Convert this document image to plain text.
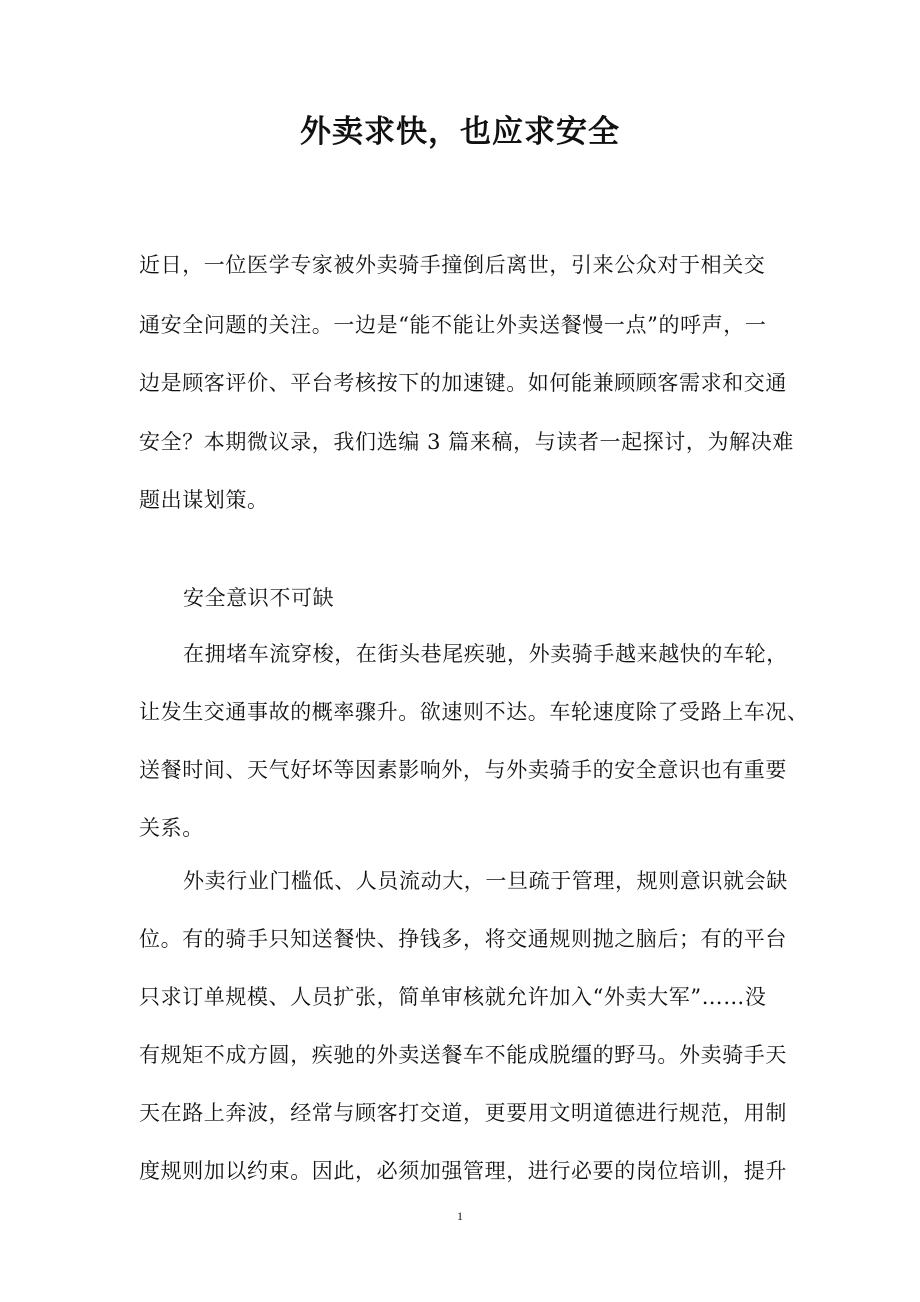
外卖求快，也应求安全
近日，一位医学专家被外卖骑手撞倒后离世，引来公众对于相关交
通安全问题的关注。一边是“能不能让外卖送餐慢一点”的呼声，一
边是顾客评价、平台考核按下的加速键。如何能兼顾顾客需求和交通
安全？本期微议录，我们选编 3 篇来稿，与读者一起探讨，为解决难
题出谋划策。
安全意识不可缺
在拥堵车流穿梭，在街头巷尾疾驰，外卖骑手越来越快的车轮，
让发生交通事故的概率骤升。欲速则不达。车轮速度除了受路上车况、
送餐时间、天气好坏等因素影响外，与外卖骑手的安全意识也有重要
关系。
外卖行业门槛低、人员流动大，一旦疏于管理，规则意识就会缺
位。有的骑手只知送餐快、挣钱多，将交通规则抛之脑后；有的平台
只求订单规模、人员扩张，简单审核就允许加入“外卖大军”……没
有规矩不成方圆，疾驰的外卖送餐车不能成脱缰的野马。外卖骑手天
天在路上奔波，经常与顾客打交道，更要用文明道德进行规范，用制
度规则加以约束。因此，必须加强管理，进行必要的岗位培训，提升
1
